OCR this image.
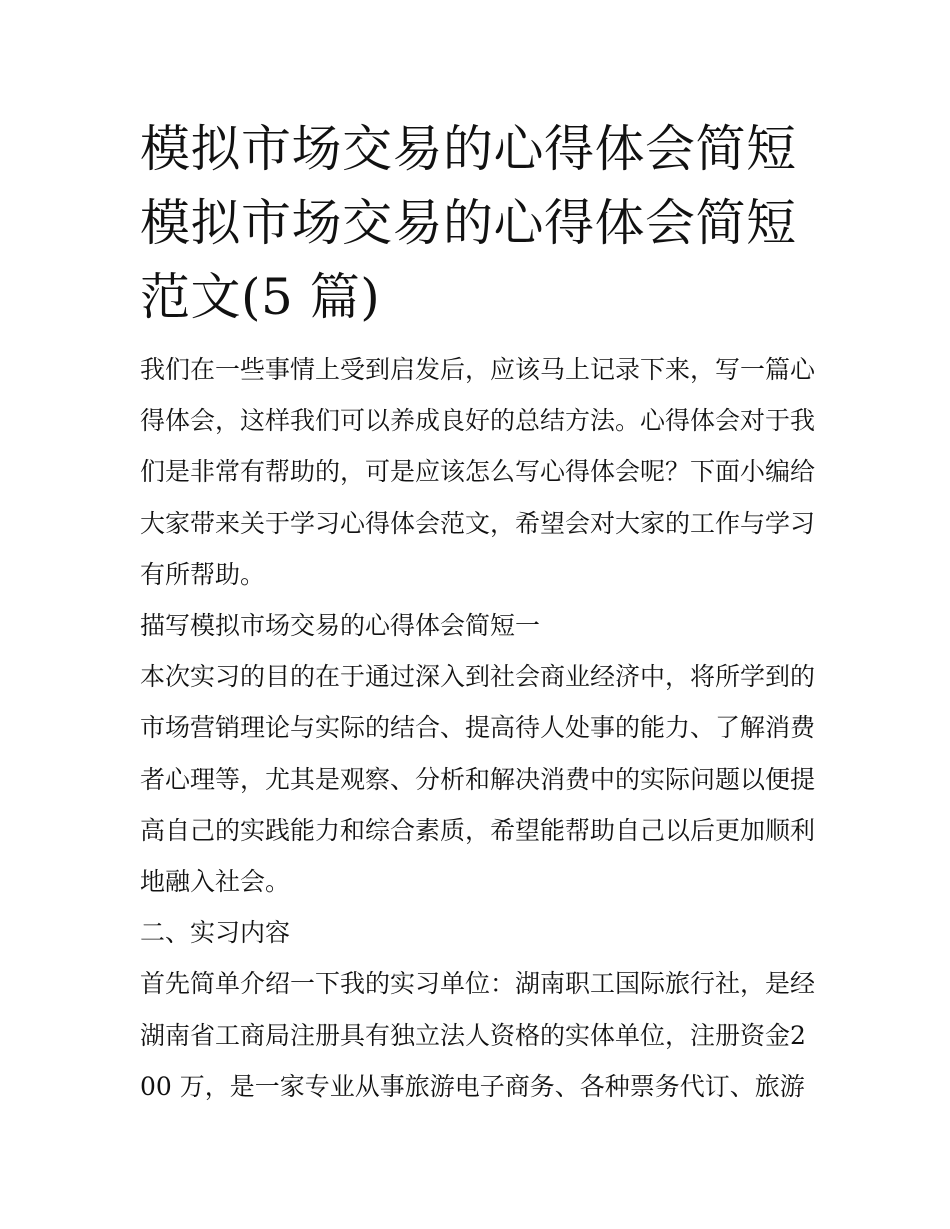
模拟市场交易的心得体会简短
模拟市场交易的心得体会简短
范文(5 篇)

我们在一些事情上受到启发后，应该马上记录下来，写一篇心得体会，这样我们可以养成良好的总结方法。心得体会对于我们是非常有帮助的，可是应该怎么写心得体会呢？下面小编给大家带来关于学习心得体会范文，希望会对大家的工作与学习有所帮助。

描写模拟市场交易的心得体会简短一

本次实习的目的在于通过深入到社会商业经济中，将所学到的市场营销理论与实际的结合、提高待人处事的能力、了解消费者心理等，尤其是观察、分析和解决消费中的实际问题以便提高自己的实践能力和综合素质，希望能帮助自己以后更加顺利地融入社会。

二、实习内容

首先简单介绍一下我的实习单位：湖南职工国际旅行社，是经湖南省工商局注册具有独立法人资格的实体单位，注册资金200 万，是一家专业从事旅游电子商务、各种票务代订、旅游
